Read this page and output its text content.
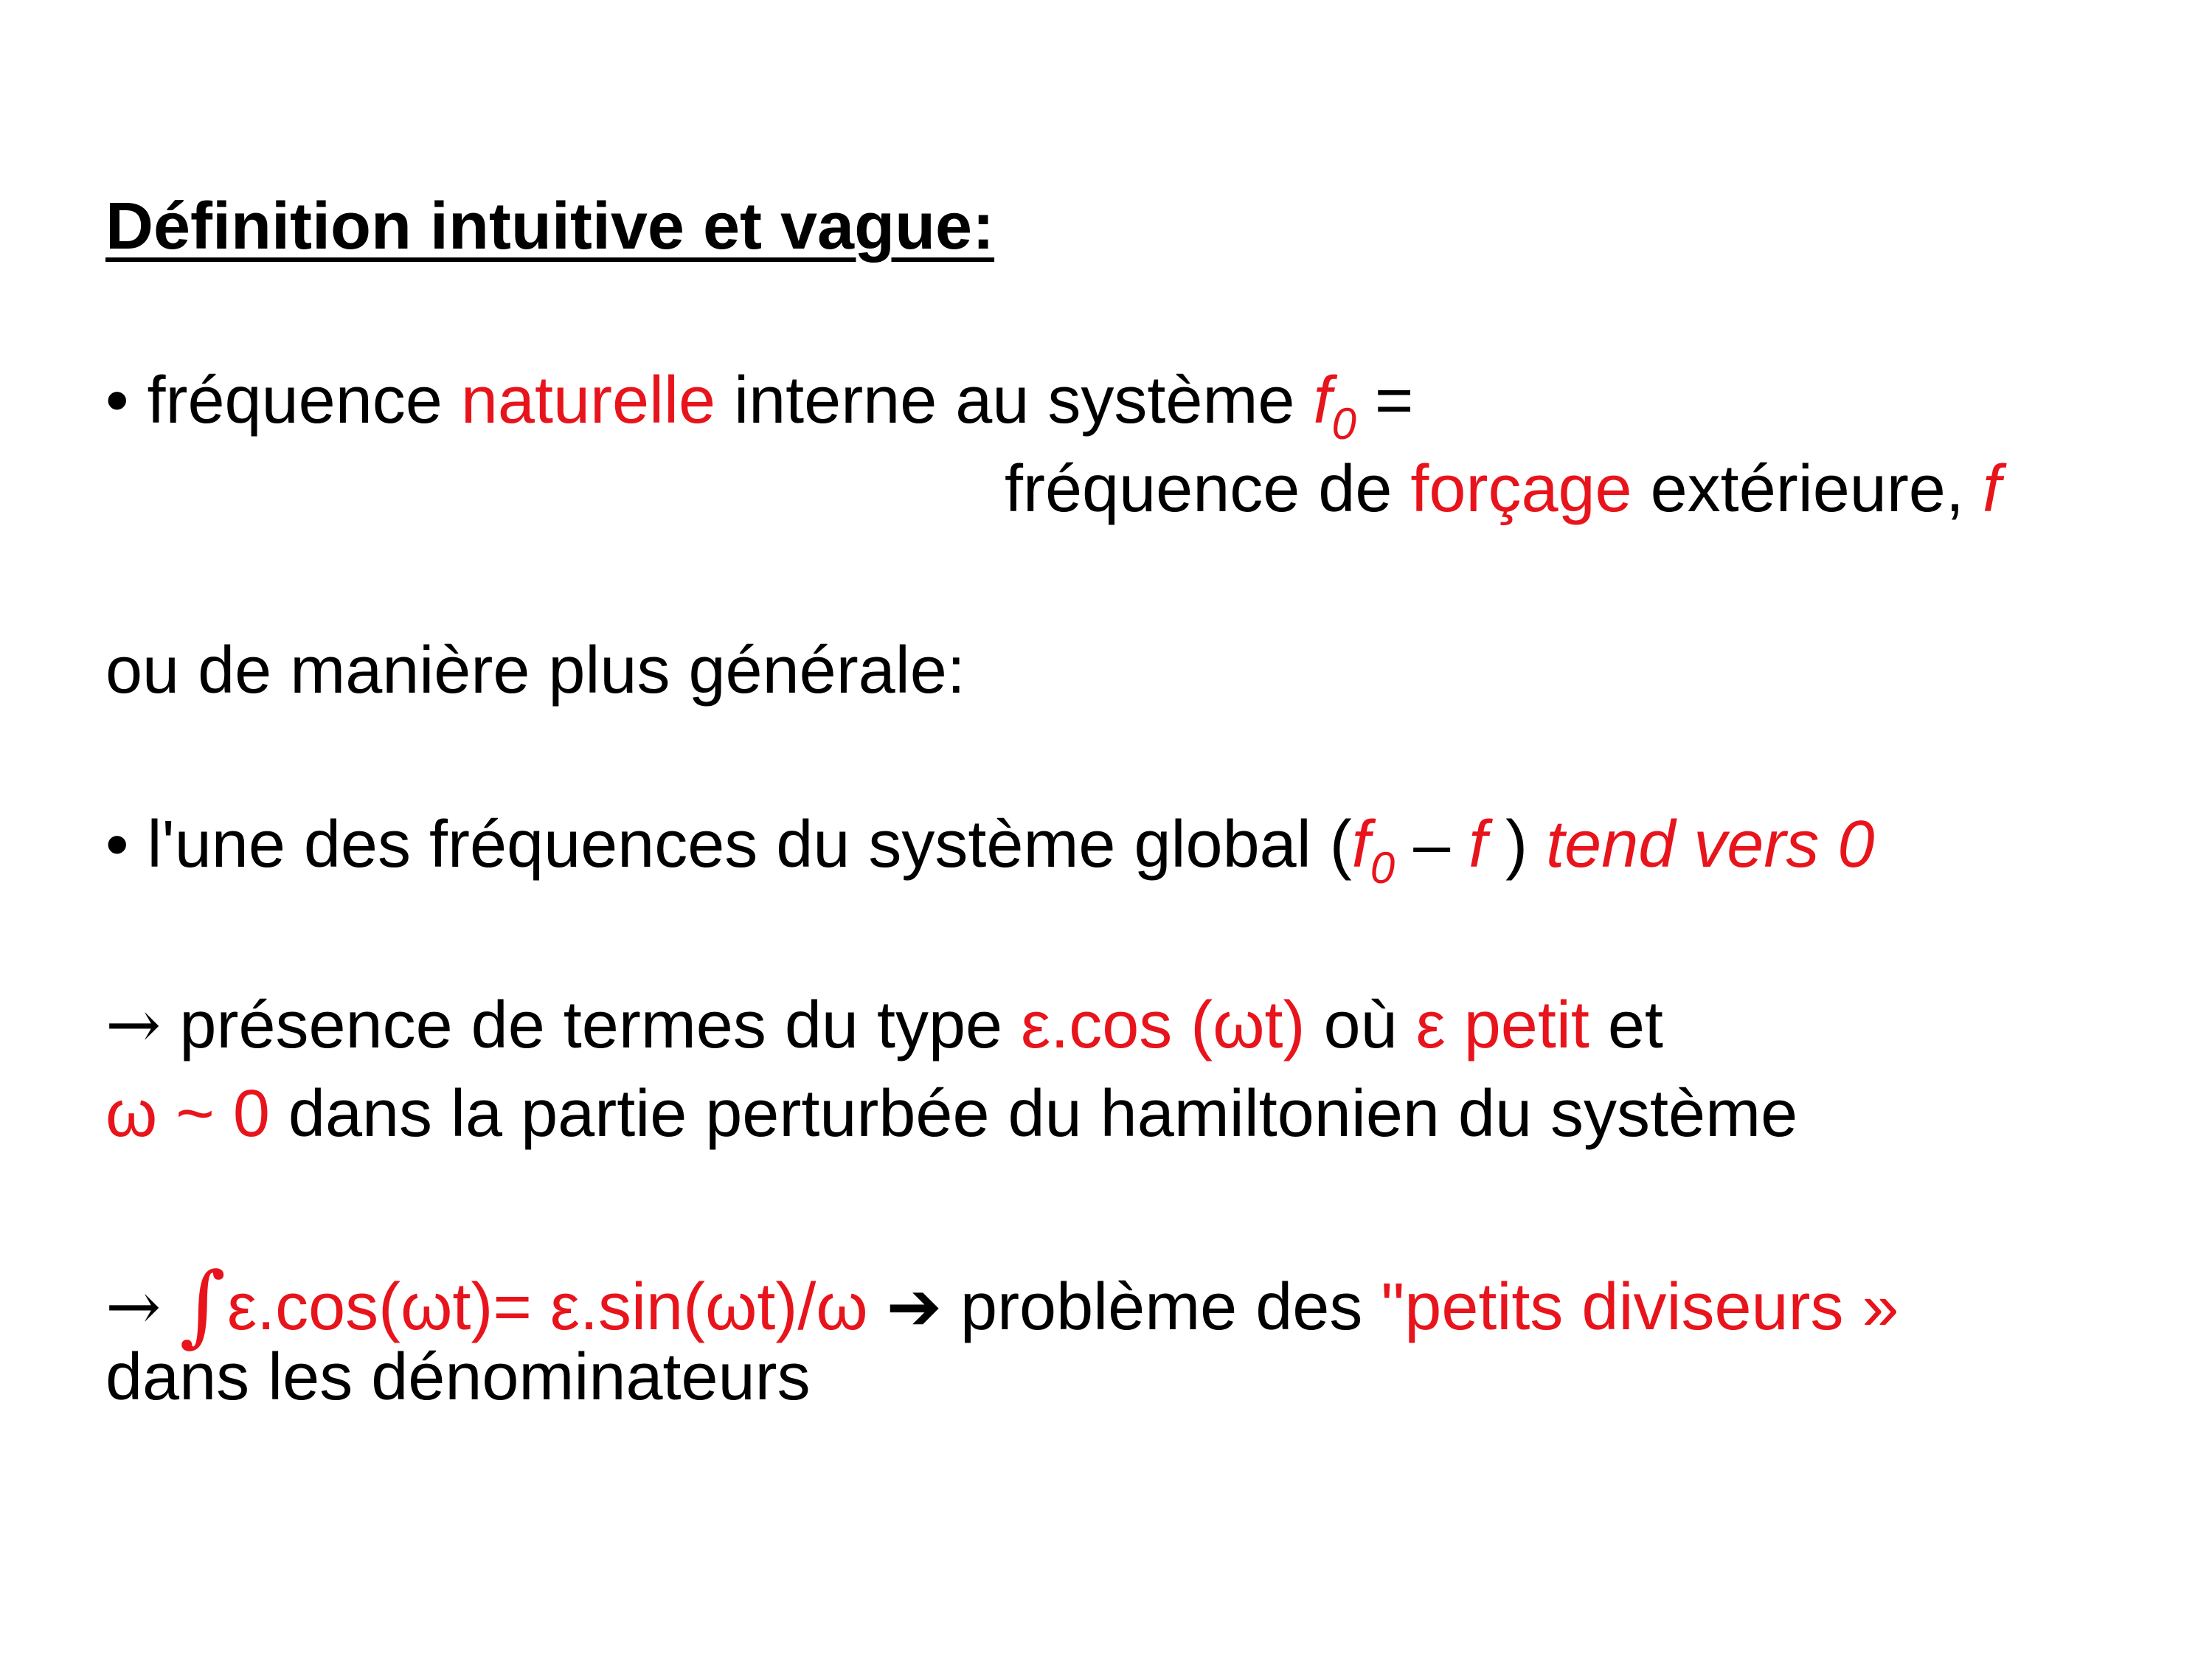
Définition intuitive et vague:
• fréquence naturelle interne au système $f_0$ =
fréquence de forçage extérieure, f
ou de manière plus générale:
• l'une des fréquences du système global ($f_0$ – f ) tend vers 0
→ présence de termes du type ε.cos (ωt) où ε petit et
ω ~ 0 dans la partie perturbée du hamiltonien du système
→ ∫ε.cos(ωt)= ε.sin(ωt)/ω ➔ problème des "petits diviseurs »
dans les dénominateurs
